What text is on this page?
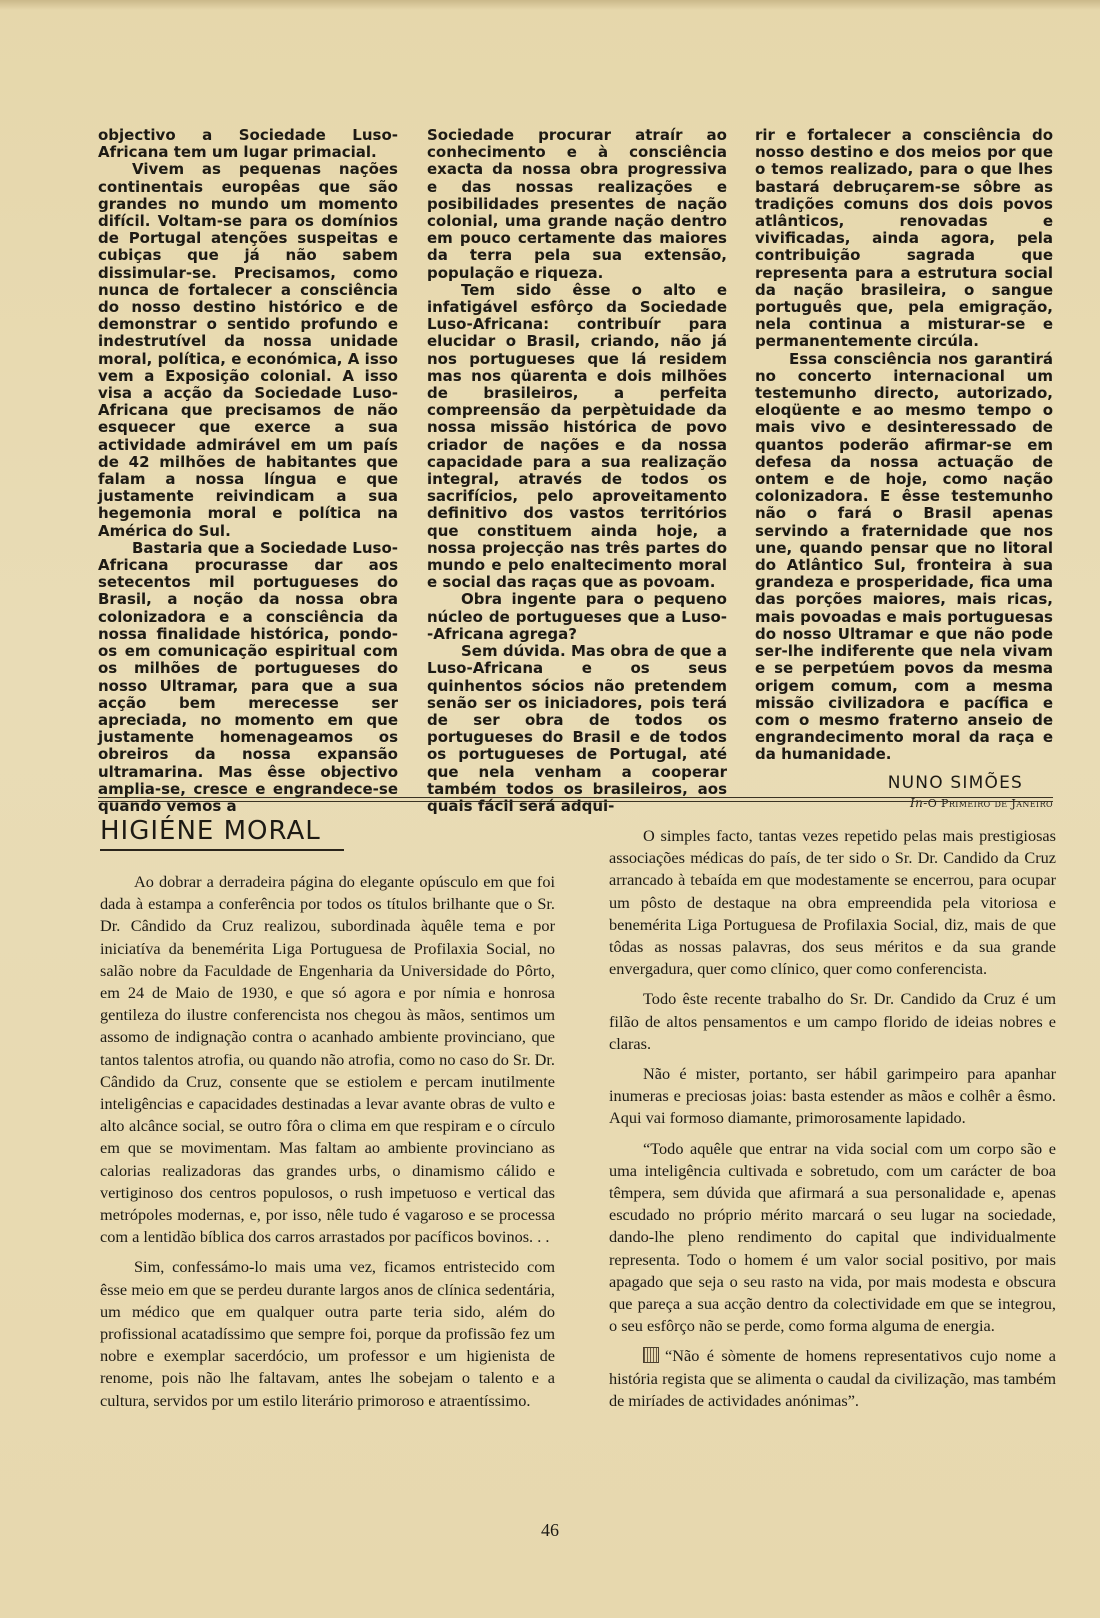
objectivo a Sociedade Luso-Africana tem um lugar primacial.

Vivem as pequenas nações continentais europêas que são grandes no mundo um momento difícil. Voltam-se para os domínios de Portugal atenções suspeitas e cubiças que já não sabem dissimular-se. Precisamos, como nunca de fortalecer a consciência do nosso destino histórico e de demonstrar o sentido profundo e indestrutível da nossa unidade moral, política, e económica, A isso vem a Exposição colonial. A isso visa a acção da Sociedade Luso-Africana que precisamos de não esquecer que exerce a sua actividade admirável em um país de 42 milhões de habitantes que falam a nossa língua e que justamente reivindicam a sua hegemonia moral e política na América do Sul.

Bastaria que a Sociedade Luso-Africana procurasse dar aos setecentos mil portugueses do Brasil, a noção da nossa obra colonizadora e a consciência da nossa finalidade histórica, pondo-os em comunicação espiritual com os milhões de portugueses do nosso Ultramar, para que a sua acção bem merecesse ser apreciada, no momento em que justamente homenageamos os obreiros da nossa expansão ultramarina. Mas êsse objectivo amplia-se, cresce e engrandece-se quando vemos a

Sociedade procurar atraír ao conhecimento e à consciência exacta da nossa obra progressiva e das nossas realizações e posibilidades presentes de nação colonial, uma grande nação dentro em pouco certamente das maiores da terra pela sua extensão, população e riqueza.

Tem sido êsse o alto e infatigável esfôrço da Sociedade Luso-Africana: contribuír para elucidar o Brasil, criando, não já nos portugueses que lá residem mas nos qüarenta e dois milhões de brasileiros, a perfeita compreensão da perpètuidade da nossa missão histórica de povo criador de nações e da nossa capacidade para a sua realização integral, através de todos os sacrifícios, pelo aproveitamento definitivo dos vastos territórios que constituem ainda hoje, a nossa projecção nas três partes do mundo e pelo enaltecimento moral e social das raças que as povoam.

Obra ingente para o pequeno núcleo de portugueses que a Luso--Africana agrega?

Sem dúvida. Mas obra de que a Luso-Africana e os seus quinhentos sócios não pretendem senão ser os iniciadores, pois terá de ser obra de todos os portugueses do Brasil e de todos os portugueses de Portugal, até que nela venham a cooperar também todos os brasileiros, aos quais fácil será adqui-

rir e fortalecer a consciência do nosso destino e dos meios por que o temos realizado, para o que lhes bastará debruçarem-se sôbre as tradições comuns dos dois povos atlânticos, renovadas e vivificadas, ainda agora, pela contribuição sagrada que representa para a estrutura social da nação brasileira, o sangue português que, pela emigração, nela continua a misturar-se e permanentemente circúla.

Essa consciência nos garantirá no concerto internacional um testemunho directo, autorizado, eloqüente e ao mesmo tempo o mais vivo e desinteressado de quantos poderão afirmar-se em defesa da nossa actuação de ontem e de hoje, como nação colonizadora. E êsse testemunho não o fará o Brasil apenas servindo a fraternidade que nos une, quando pensar que no litoral do Atlântico Sul, fronteira à sua grandeza e prosperidade, fica uma das porções maiores, mais ricas, mais povoadas e mais portuguesas do nosso Ultramar e que não pode ser-lhe indiferente que nela vivam e se perpetúem povos da mesma origem comum, com a mesma missão civilizadora e pacífica e com o mesmo fraterno anseio de engrandecimento moral da raça e da humanidade.

NUNO SIMÕES
In-O Primeiro de Janeiro
HIGIÉNE MORAL

Ao dobrar a derradeira página do elegante opúsculo em que foi dada à estampa a conferência por todos os títulos brilhante que o Sr. Dr. Cândido da Cruz realizou, subordinada àquêle tema e por iniciatíva da benemérita Liga Portuguesa de Profilaxia Social, no salão nobre da Faculdade de Engenharia da Universidade do Pôrto, em 24 de Maio de 1930, e que só agora e por nímia e honrosa gentileza do ilustre conferencista nos chegou às mãos, sentimos um assomo de indignação contra o acanhado ambiente provinciano, que tantos talentos atrofia, ou quando não atrofia, como no caso do Sr. Dr. Cândido da Cruz, consente que se estiolem e percam inutilmente inteligências e capacidades destinadas a levar avante obras de vulto e alto alcânce social, se outro fôra o clima em que respiram e o círculo em que se movimentam. Mas faltam ao ambiente provinciano as calorias realizadoras das grandes urbs, o dinamismo cálido e vertiginoso dos centros populosos, o rush impetuoso e vertical das metrópoles modernas, e, por isso, nêle tudo é vagaroso e se processa com a lentidão bíblica dos carros arrastados por pacíficos bovinos. . .

Sim, confessámo-lo mais uma vez, ficamos entristecido com êsse meio em que se perdeu durante largos anos de clínica sedentária, um médico que em qualquer outra parte teria sido, além do profissional acatadíssimo que sempre foi, porque da profissão fez um nobre e exemplar sacerdócio, um professor e um higienista de renome, pois não lhe faltavam, antes lhe sobejam o talento e a cultura, servidos por um estilo literário primoroso e atraentíssimo.

O simples facto, tantas vezes repetido pelas mais prestigiosas associações médicas do país, de ter sido o Sr. Dr. Candido da Cruz arrancado à tebaída em que modestamente se encerrou, para ocupar um pôsto de destaque na obra empreendida pela vitoriosa e benemérita Liga Portuguesa de Profilaxia Social, diz, mais de que tôdas as nossas palavras, dos seus méritos e da sua grande envergadura, quer como clínico, quer como conferencista.

Todo êste recente trabalho do Sr. Dr. Candido da Cruz é um filão de altos pensamentos e um campo florido de ideias nobres e claras.

Não é mister, portanto, ser hábil garimpeiro para apanhar inumeras e preciosas joias: basta estender as mãos e colhêr a êsmo. Aqui vai formoso diamante, primorosamente lapidado.

“Todo aquêle que entrar na vida social com um corpo são e uma inteligência cultivada e sobretudo, com um carácter de boa têmpera, sem dúvida que afirmará a sua personalidade e, apenas escudado no próprio mérito marcará o seu lugar na sociedade, dando-lhe pleno rendimento do capital que individualmente representa. Todo o homem é um valor social positivo, por mais apagado que seja o seu rasto na vida, por mais modesta e obscura que pareça a sua acção dentro da colectividade em que se integrou, o seu esfôrço não se perde, como forma alguma de energia.

“Não é sòmente de homens representativos cujo nome a história regista que se alimenta o caudal da civilização, mas também de miríades de actividades anónimas”.

46
